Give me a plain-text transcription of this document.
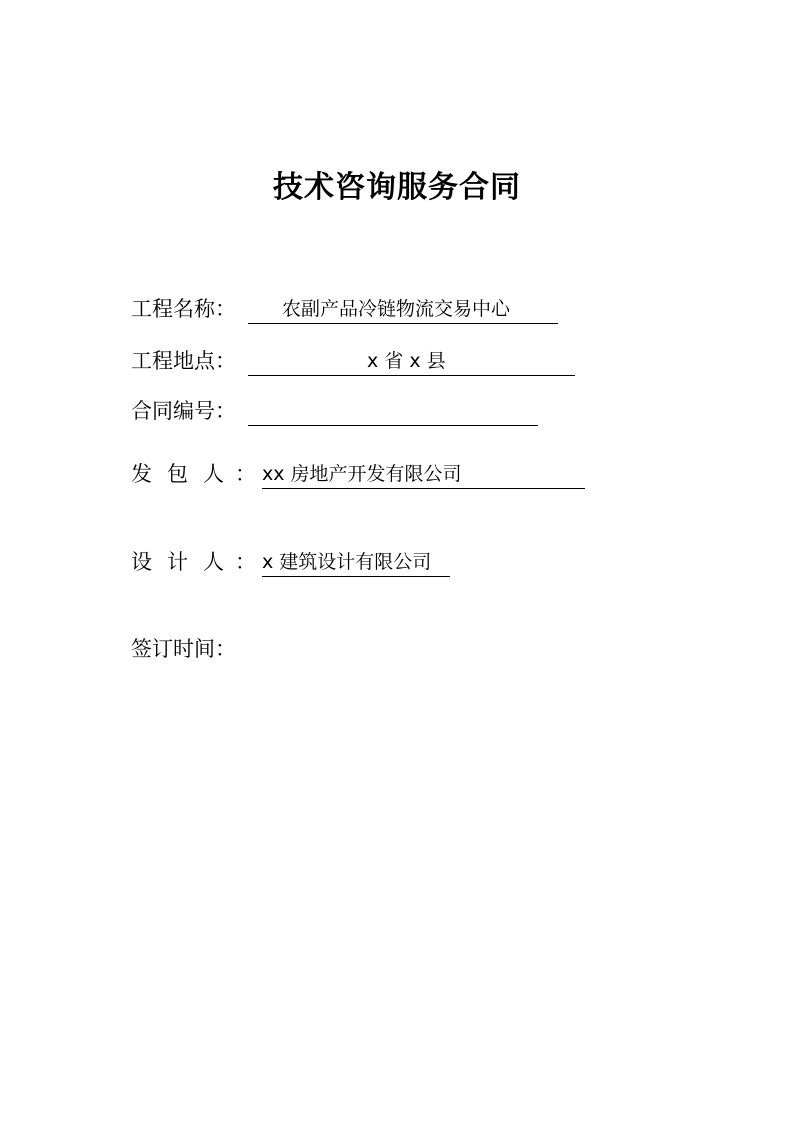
技术咨询服务合同
工程名称： 农副产品冷链物流交易中心
工程地点：	x 省 x 县
合同编号：
发包人
： xx 房地产开发有限公司
设计人
： x 建筑设计有限公司
签订时间：
